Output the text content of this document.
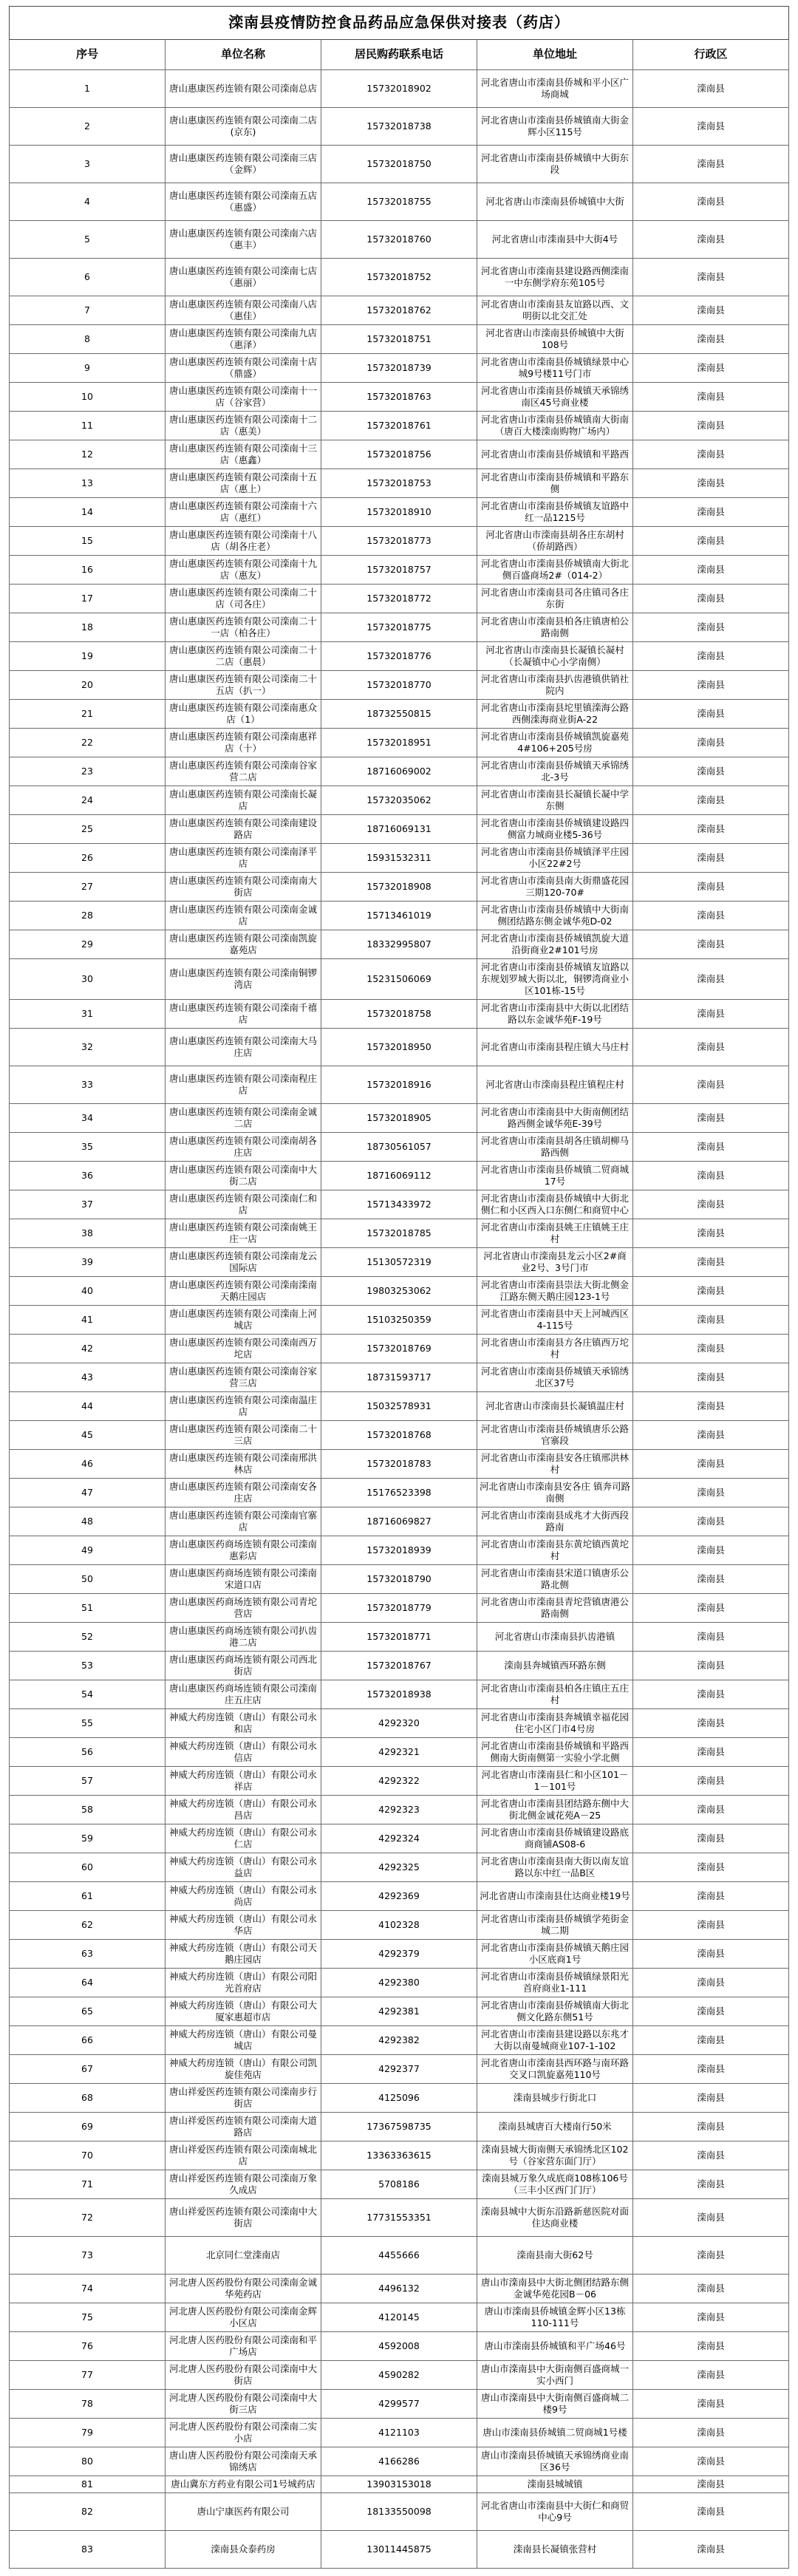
滦南县疫情防控食品药品应急保供对接表（药店）				
序号	单位名称	居民购药联系电话	单位地址	行政区
1	唐山惠康医药连锁有限公司滦南总店	15732018902	河北省唐山市滦南县侨城和平小区广场商城	滦南县
2	唐山惠康医药连锁有限公司滦南二店(京东)	15732018738	河北省唐山市滦南县侨城镇南大街金辉小区115号	滦南县
3	唐山惠康医药连锁有限公司滦南三店（金辉）	15732018750	河北省唐山市滦南县侨城镇中大街东段	滦南县
4	唐山惠康医药连锁有限公司滦南五店（惠盛）	15732018755	河北省唐山市滦南县侨城镇中大街	滦南县
5	唐山惠康医药连锁有限公司滦南六店（惠丰）	15732018760	河北省唐山市滦南县中大街4号	滦南县
6	唐山惠康医药连锁有限公司滦南七店（惠丽）	15732018752	河北省唐山市滦南县建设路西侧滦南一中东侧学府东苑105号	滦南县
7	唐山惠康医药连锁有限公司滦南八店（惠佳）	15732018762	河北省唐山市滦南县友谊路以西、文明街以北交汇处	滦南县
8	唐山惠康医药连锁有限公司滦南九店（惠泽）	15732018751	河北省唐山市滦南县侨城镇中大街108号	滦南县
9	唐山惠康医药连锁有限公司滦南十店（鼎盛）	15732018739	河北省唐山市滦南县侨城镇绿景中心城9号楼11号门市	滦南县
10	唐山惠康医药连锁有限公司滦南十一店（谷家营）	15732018763	河北省唐山市滦南县侨城镇天承锦绣南区45号商业楼	滦南县
11	唐山惠康医药连锁有限公司滦南十二店（惠美）	15732018761	河北省唐山市滦南县侨城镇南大街南（唐百大楼滦南购物广场内）	滦南县
12	唐山惠康医药连锁有限公司滦南十三店（惠鑫）	15732018756	河北省唐山市滦南县侨城镇和平路西	滦南县
13	唐山惠康医药连锁有限公司滦南十五店（惠上）	15732018753	河北省唐山市滦南县侨城镇和平路东侧	滦南县
14	唐山惠康医药连锁有限公司滦南十六店（惠红）	15732018910	河北省唐山市滦南县侨城镇友谊路中红一品1215号	滦南县
15	唐山惠康医药连锁有限公司滦南十八店（胡各庄老）	15732018773	河北省唐山市滦南县胡各庄东胡村（侨胡路西）	滦南县
16	唐山惠康医药连锁有限公司滦南十九店（惠友）	15732018757	河北省唐山市滦南县侨城镇南大街北侧百盛商场2#（014-2）	滦南县
17	唐山惠康医药连锁有限公司滦南二十店（司各庄）	15732018772	河北省唐山市滦南县司各庄镇司各庄东街	滦南县
18	唐山惠康医药连锁有限公司滦南二十一店（柏各庄）	15732018775	河北省唐山市滦南县柏各庄镇唐柏公路南侧	滦南县
19	唐山惠康医药连锁有限公司滦南二十二店（惠晨）	15732018776	河北省唐山市滦南县长凝镇长凝村（长凝镇中心小学南侧）	滦南县
20	唐山惠康医药连锁有限公司滦南二十五店（扒一）	15732018770	河北省唐山市滦南县扒齿港镇供销社院内	滦南县
21	唐山惠康医药连锁有限公司滦南惠众店（1）	18732550815	河北省唐山市滦南县坨里镇滦海公路西侧滦海商业街A-22	滦南县
22	唐山惠康医药连锁有限公司滦南惠祥店（十）	15732018951	河北省唐山市滦南县侨城镇凯旋嘉苑4#106+205号房	滦南县
23	唐山惠康医药连锁有限公司滦南谷家营二店	18716069002	河北省唐山市滦南县侨城镇天承锦绣北-3号	滦南县
24	唐山惠康医药连锁有限公司滦南长凝店	15732035062	河北省唐山市滦南县长凝镇长凝中学东侧	滦南县
25	唐山惠康医药连锁有限公司滦南建设路店	18716069131	河北省唐山市滦南县侨城镇建设路四侧富力城商业楼5-36号	滦南县
26	唐山惠康医药连锁有限公司滦南泽平店	15931532311	河北省唐山市滦南县侨城镇泽平庄园小区22#2号	滦南县
27	唐山惠康医药连锁有限公司滦南南大街店	15732018908	河北省唐山市滦南县南大街鼎盛花园三期120-70#	滦南县
28	唐山惠康医药连锁有限公司滦南金诚店	15713461019	河北省唐山市滦南县侨城镇中大街南侧团结路东侧金诚华苑D-02	滦南县
29	唐山惠康医药连锁有限公司滦南凯旋嘉苑店	18332995807	河北省唐山市滦南县侨城镇凯旋大道沿街商业2#101号房	滦南县
30	唐山惠康医药连锁有限公司滦南铜锣湾店	15231506069	河北省唐山市滦南县侨城镇友谊路以东规划罗城大街以北，铜锣湾商业小区101栋-15号	滦南县
31	唐山惠康医药连锁有限公司滦南千禧店	15732018758	河北省唐山市滦南县中大街以北团结路以东金诚华苑F-19号	滦南县
32	唐山惠康医药连锁有限公司滦南大马庄店	15732018950	河北省唐山市滦南县程庄镇大马庄村	滦南县
33	唐山惠康医药连锁有限公司滦南程庄店	15732018916	河北省唐山市滦南县程庄镇程庄村	滦南县
34	唐山惠康医药连锁有限公司滦南金诚二店	15732018905	河北省唐山市滦南县中大街南侧团结路西侧金诚华苑E-39号	滦南县
35	唐山惠康医药连锁有限公司滦南胡各庄店	18730561057	河北省唐山市滦南县胡各庄镇胡柳马路西侧	滦南县
36	唐山惠康医药连锁有限公司滦南中大街二店	18716069112	河北省唐山市滦南县侨城镇二贸商城17号	滦南县
37	唐山惠康医药连锁有限公司滦南仁和店	15713433972	河北省唐山市滦南县侨城镇中大街北侧仁和小区西入口东侧仁和商贸中心	滦南县
38	唐山惠康医药连锁有限公司滦南姚王庄一店	15732018785	河北省唐山市滦南县姚王庄镇姚王庄村	滦南县
39	唐山惠康医药连锁有限公司滦南龙云国际店	15130572319	河北省唐山市滦南县龙云小区2#商业2号、3号门市	滦南县
40	唐山惠康医药连锁有限公司滦南滦南天鹅庄园店	19803253062	河北省唐山市滦南县崇法大街北侧金江路东侧天鹅庄园123-1号	滦南县
41	唐山惠康医药连锁有限公司滦南上河城店	15103250359	河北省唐山市滦南县中天上河城西区4-115号	滦南县
42	唐山惠康医药连锁有限公司滦南西万坨店	15732018769	河北省唐山市滦南县方各庄镇西万坨村	滦南县
43	唐山惠康医药连锁有限公司滦南谷家营三店	18731593717	河北省唐山市滦南县侨城镇天承锦绣北区37号	滦南县
44	唐山惠康医药连锁有限公司滦南温庄店	15032578931	河北省唐山市滦南县长凝镇温庄村	滦南县
45	唐山惠康医药连锁有限公司滦南二十三店	15732018768	河北省唐山市滦南县侨城镇唐乐公路官寨段	滦南县
46	唐山惠康医药连锁有限公司滦南邢洪林店	15732018783	河北省唐山市滦南县安各庄镇邢洪林村	滦南县
47	唐山惠康医药连锁有限公司滦南安各庄店	15176523398	河北省唐山市滦南县安各庄 镇奔司路南侧	滦南县
48	唐山惠康医药连锁有限公司滦南官寨店	18716069827	河北省唐山市滦南县成兆才大街西段路南	滦南县
49	唐山惠康医药商场连锁有限公司滦南惠彩店	15732018939	河北省唐山市滦南县东黄坨镇西黄坨村	滦南县
50	唐山惠康医药商场连锁有限公司滦南宋道口店	15732018790	河北省唐山市滦南县宋道口镇唐乐公路北侧	滦南县
51	唐山惠康医药商场连锁有限公司青坨营店	15732018779	河北省唐山市滦南县青坨营镇唐港公路南侧	滦南县
52	唐山惠康医药商场连锁有限公司扒齿港二店	15732018771	河北省唐山市滦南县扒齿港镇	滦南县
53	唐山惠康医药商场连锁有限公司西北街店	15732018767	滦南县奔城镇西环路东侧	滦南县
54	唐山惠康医药商场连锁有限公司滦南庄五庄店	15732018938	河北省唐山市滦南县柏各庄镇庄五庄村	滦南县
55	神威大药房连锁（唐山）有限公司永和店	4292320	河北省唐山市滦南县奔城镇幸福花园住宅小区门市4号房	滦南县
56	神威大药房连锁（唐山）有限公司永信店	4292321	河北省唐山市滦南县侨城镇和平路西侧南大街南侧第一实验小学北侧	滦南县
57	神威大药房连锁（唐山）有限公司永祥店	4292322	河北省唐山市滦南县仁和小区101－1－101号	滦南县
58	神威大药房连锁（唐山）有限公司永昌店	4292323	河北省唐山市滦南县团结路东侧中大街北侧金诚花苑A－25	滦南县
59	神威大药房连锁（唐山）有限公司永仁店	4292324	河北省唐山市滦南县侨城镇建设路底商商铺AS08-6	滦南县
60	神威大药房连锁（唐山）有限公司永益店	4292325	河北省唐山市滦南县南大街以南友谊路以东中红一品B区	滦南县
61	神威大药房连锁（唐山）有限公司永尚店	4292369	河北省唐山市滦南县仕达商业楼19号	滦南县
62	神威大药房连锁（唐山）有限公司永华店	4102328	河北省唐山市滦南县侨城镇学苑街金城二期	滦南县
63	神威大药房连锁（唐山）有限公司天鹅庄园店	4292379	河北省唐山市滦南县侨城镇天鹅庄园小区底商1号	滦南县
64	神威大药房连锁（唐山）有限公司阳光首府店	4292380	河北省唐山市滦南县侨城镇绿景阳光首府商业1-111	滦南县
65	神威大药房连锁（唐山）有限公司大厦家惠超市店	4292381	河北省唐山市滦南县侨城镇南大街北侧文化路东侧51号	滦南县
66	神威大药房连锁（唐山）有限公司曼城店	4292382	河北省唐山市滦南县建设路以东兆才大街以南曼城商业107-1-102	滦南县
67	神威大药房连锁（唐山）有限公司凯旋佳苑店	4292377	河北省唐山市滦南县西环路与南环路交叉口凯旋嘉苑110号	滦南县
68	唐山祥爱医药连锁有限公司滦南步行街店	4125096	滦南县城步行街北口	滦南县
69	唐山祥爱医药连锁有限公司滦南大道路店	17367598735	滦南县城唐百大楼南行50米	滦南县
70	唐山祥爱医药连锁有限公司滦南城北店	13363363615	滦南县城大街南侧天承锦绣北区102号（谷家营东面门厅）	滦南县
71	唐山祥爱医药连锁有限公司滦南万象久成店	5708186	滦南县城万象久成底商108栋106号（三丰小区西门门厅）	滦南县
72	唐山祥爱医药连锁有限公司滦南中大街店	17731553351	滦南县城中大街东沿路新慈医院对面住达商业楼	滦南县
73	北京同仁堂滦南店	4455666	滦南县南大街62号	滦南县
74	河北唐人医药股份有限公司滦南金诚华苑药店	4496132	唐山市滦南县中大街北侧团结路东侧金诚华苑花园B－06	滦南县
75	河北唐人医药股份有限公司滦南金辉小区店	4120145	唐山市滦南县侨城镇金辉小区13栋110-111号	滦南县
76	河北唐人医药股份有限公司滦南和平广场店	4592008	唐山市滦南县侨城镇和平广场46号	滦南县
77	河北唐人医药股份有限公司滦南中大街店	4590282	唐山市滦南县中大街南侧百盛商城一实小西门	滦南县
78	河北唐人医药股份有限公司滦南中大街三店	4299577	唐山市滦南县中大街南侧百盛商城二楼9号	滦南县
79	河北唐人医药股份有限公司滦南二实小店	4121103	唐山市滦南县侨城镇二贸商城1号楼	滦南县
80	唐山唐人医药股份有限公司滦南天承锦绣店	4166286	唐山市滦南县侨城镇天承锦绣商业南区36号	滦南县
81	唐山冀东方药业有限公司1号城药店	13903153018	滦南县城城镇	滦南县
82	唐山宁康医药有限公司	18133550098	河北省唐山市滦南县中大街仁和商贸中心9号	滦南县
83	滦南县众泰药房	13011445875	滦南县长凝镇张营村	滦南县
